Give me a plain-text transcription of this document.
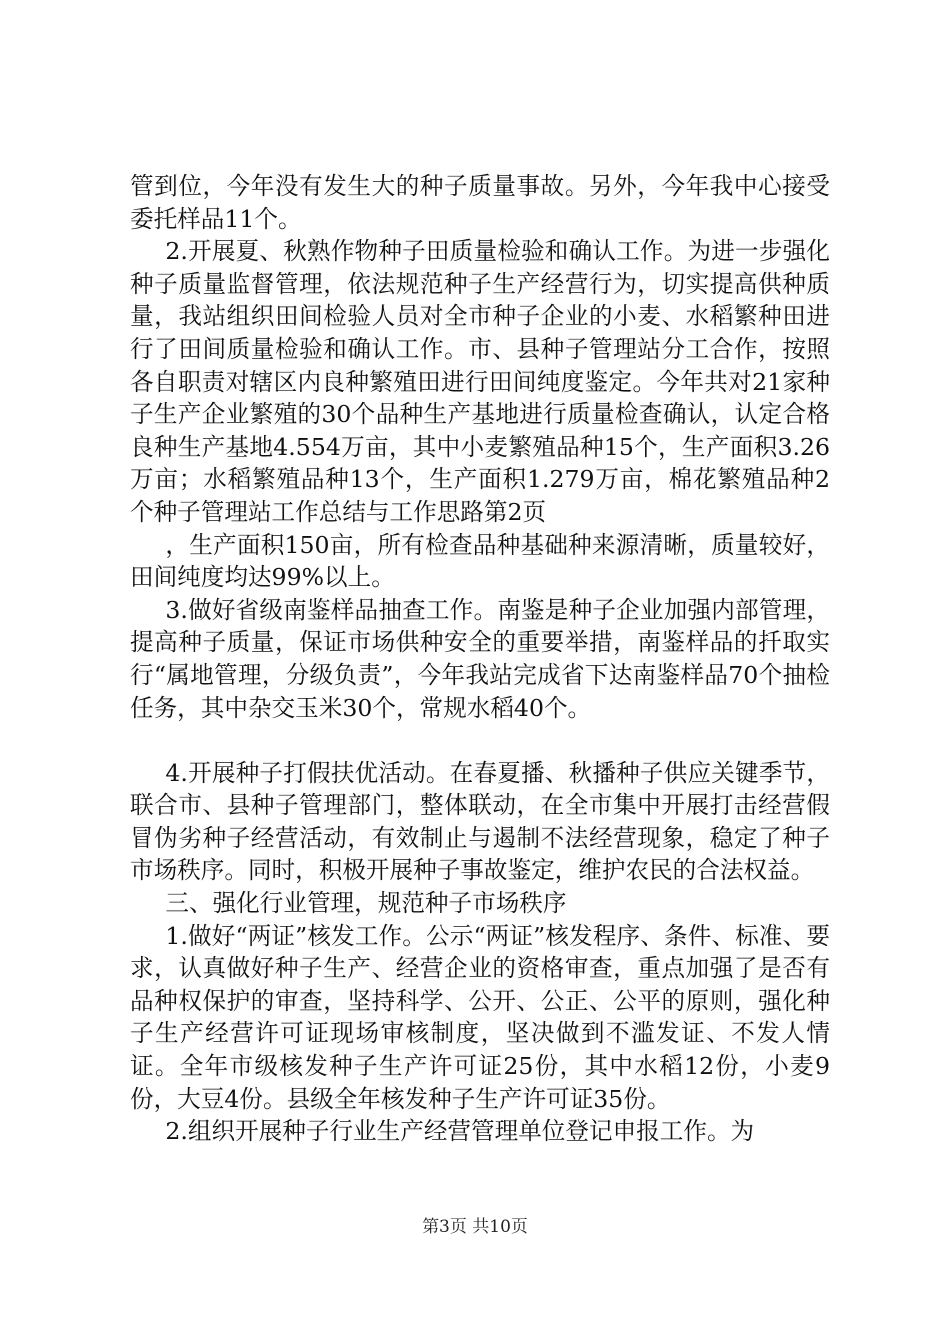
管到位，今年没有发生大的种子质量事故。另外，今年我中心接受委托样品11个。

2.开展夏、秋熟作物种子田质量检验和确认工作。为进一步强化种子质量监督管理，依法规范种子生产经营行为，切实提高供种质量，我站组织田间检验人员对全市种子企业的小麦、水稻繁种田进行了田间质量检验和确认工作。市、县种子管理站分工合作，按照各自职责对辖区内良种繁殖田进行田间纯度鉴定。今年共对21家种子生产企业繁殖的30个品种生产基地进行质量检查确认，认定合格良种生产基地4.554万亩，其中小麦繁殖品种15个，生产面积3.26万亩；水稻繁殖品种13个，生产面积1.279万亩，棉花繁殖品种2个种子管理站工作总结与工作思路第2页

，生产面积150亩，所有检查品种基础种来源清晰，质量较好，田间纯度均达99%以上。

3.做好省级南鉴样品抽查工作。南鉴是种子企业加强内部管理，提高种子质量，保证市场供种安全的重要举措，南鉴样品的扦取实行“属地管理，分级负责”，今年我站完成省下达南鉴样品70个抽检任务，其中杂交玉米30个，常规水稻40个。

4.开展种子打假扶优活动。在春夏播、秋播种子供应关键季节，联合市、县种子管理部门，整体联动，在全市集中开展打击经营假冒伪劣种子经营活动，有效制止与遏制不法经营现象，稳定了种子市场秩序。同时，积极开展种子事故鉴定，维护农民的合法权益。

三、强化行业管理，规范种子市场秩序

1.做好“两证”核发工作。公示“两证”核发程序、条件、标准、要求，认真做好种子生产、经营企业的资格审查，重点加强了是否有品种权保护的审查，坚持科学、公开、公正、公平的原则，强化种子生产经营许可证现场审核制度，坚决做到不滥发证、不发人情证。全年市级核发种子生产许可证25份，其中水稻12份，小麦9份，大豆4份。县级全年核发种子生产许可证35份。

2.组织开展种子行业生产经营管理单位登记申报工作。为

第3页 共10页
